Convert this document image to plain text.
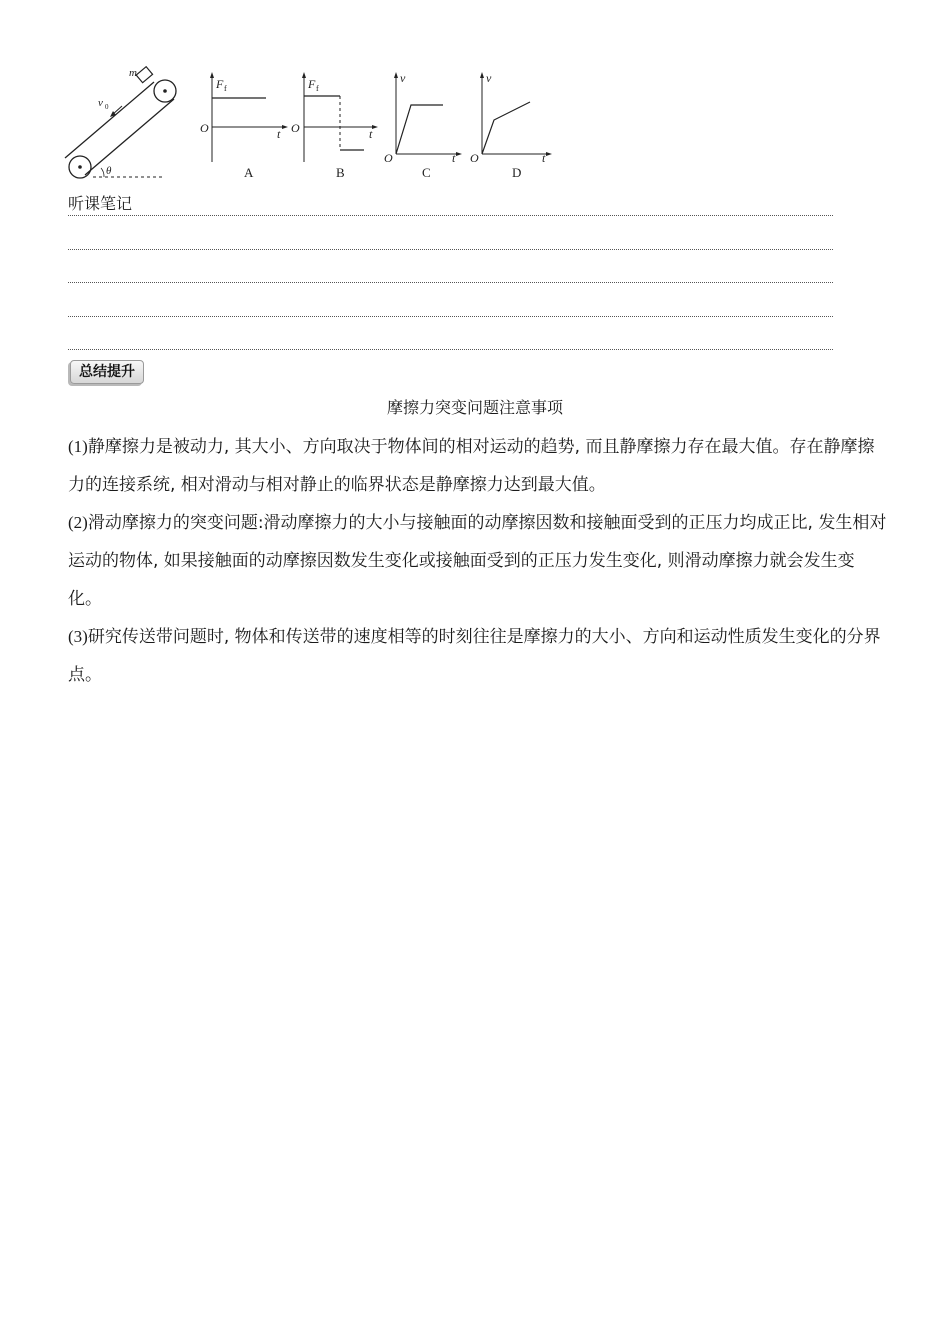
m
v 0
θ
F f
O	t
A
F f
O	t
B
v
O	t
C
v
O	t
D
听课笔记
总结提升
摩擦力突变问题注意事项

(1)静摩擦力是被动力, 其大小、方向取决于物体间的相对运动的趋势, 而且静摩擦力存在最大值。存在静摩擦力的连接系统, 相对滑动与相对静止的临界状态是静摩擦力达到最大值。

(2)滑动摩擦力的突变问题:滑动摩擦力的大小与接触面的动摩擦因数和接触面受到的正压力均成正比, 发生相对运动的物体, 如果接触面的动摩擦因数发生变化或接触面受到的正压力发生变化, 则滑动摩擦力就会发生变化。

(3)研究传送带问题时, 物体和传送带的速度相等的时刻往往是摩擦力的大小、方向和运动性质发生变化的分界点。
